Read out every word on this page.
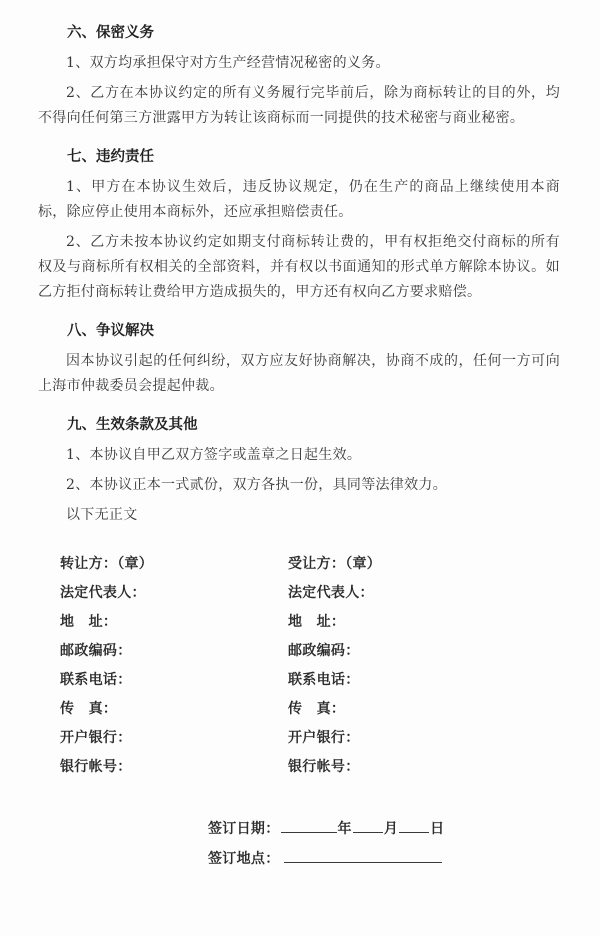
六、保密义务

1、双方均承担保守对方生产经营情况秘密的义务。

2、乙方在本协议约定的所有义务履行完毕前后，除为商标转让的目的外，均不得向任何第三方泄露甲方为转让该商标而一同提供的技术秘密与商业秘密。

七、违约责任

1、甲方在本协议生效后，违反协议规定，仍在生产的商品上继续使用本商标，除应停止使用本商标外，还应承担赔偿责任。

2、乙方未按本协议约定如期支付商标转让费的，甲有权拒绝交付商标的所有权及与商标所有权相关的全部资料，并有权以书面通知的形式单方解除本协议。如乙方拒付商标转让费给甲方造成损失的，甲方还有权向乙方要求赔偿。

八、争议解决

因本协议引起的任何纠纷，双方应友好协商解决，协商不成的，任何一方可向上海市仲裁委员会提起仲裁。

九、生效条款及其他

1、本协议自甲乙双方签字或盖章之日起生效。

2、本协议正本一式贰份，双方各执一份，具同等法律效力。

以下无正文

转让方：（章）

法定代表人：

地　址：

邮政编码：

联系电话：

传　真：

开户银行：

银行帐号：

受让方：（章）

法定代表人：

地　址：

邮政编码：

联系电话：

传　真：

开户银行：

银行帐号：

签订日期：	年 月 日

签订地点：
